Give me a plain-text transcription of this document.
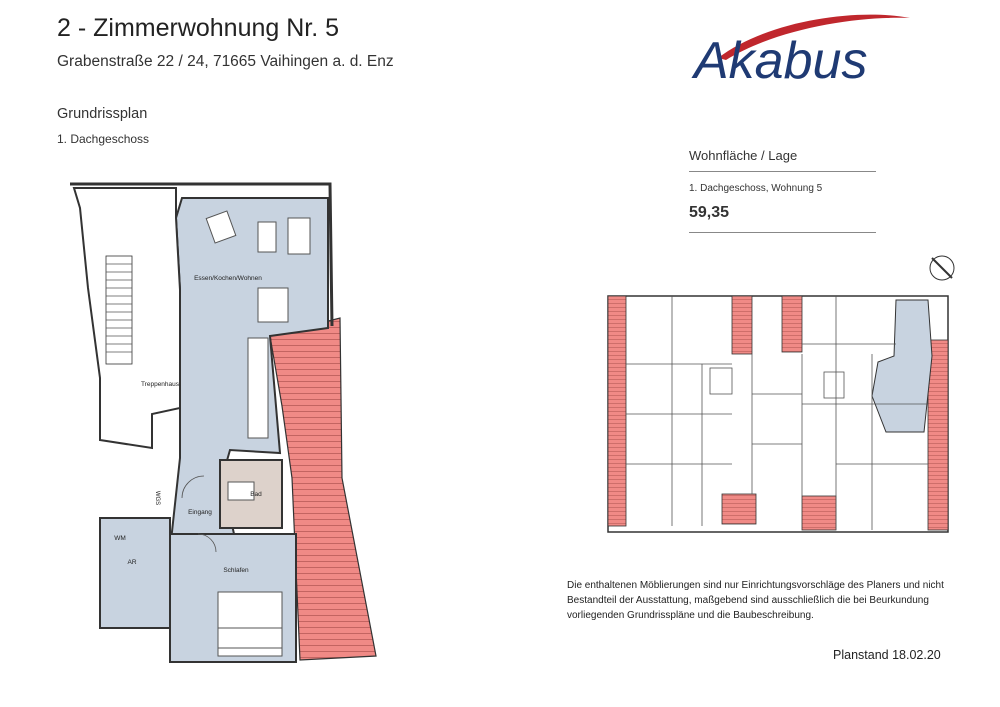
2 - Zimmerwohnung Nr. 5
Grabenstraße 22 / 24, 71665 Vaihingen a. d. Enz
Grundrissplan
1. Dachgeschoss
Akabus
Wohnfläche / Lage
1. Dachgeschoss, Wohnung 5
59,35
Essen/Kochen/Wohnen
Treppenhaus
Bad
Eingang
WM
AR
Schlafen
WGS
Die enthaltenen Möblierungen sind nur Einrichtungsvorschläge des Planers und nicht Bestandteil der Ausstattung, maßgebend sind ausschließlich die bei Beurkundung vorliegenden Grundrisspläne und die Baubeschreibung.
Planstand 18.02.20
